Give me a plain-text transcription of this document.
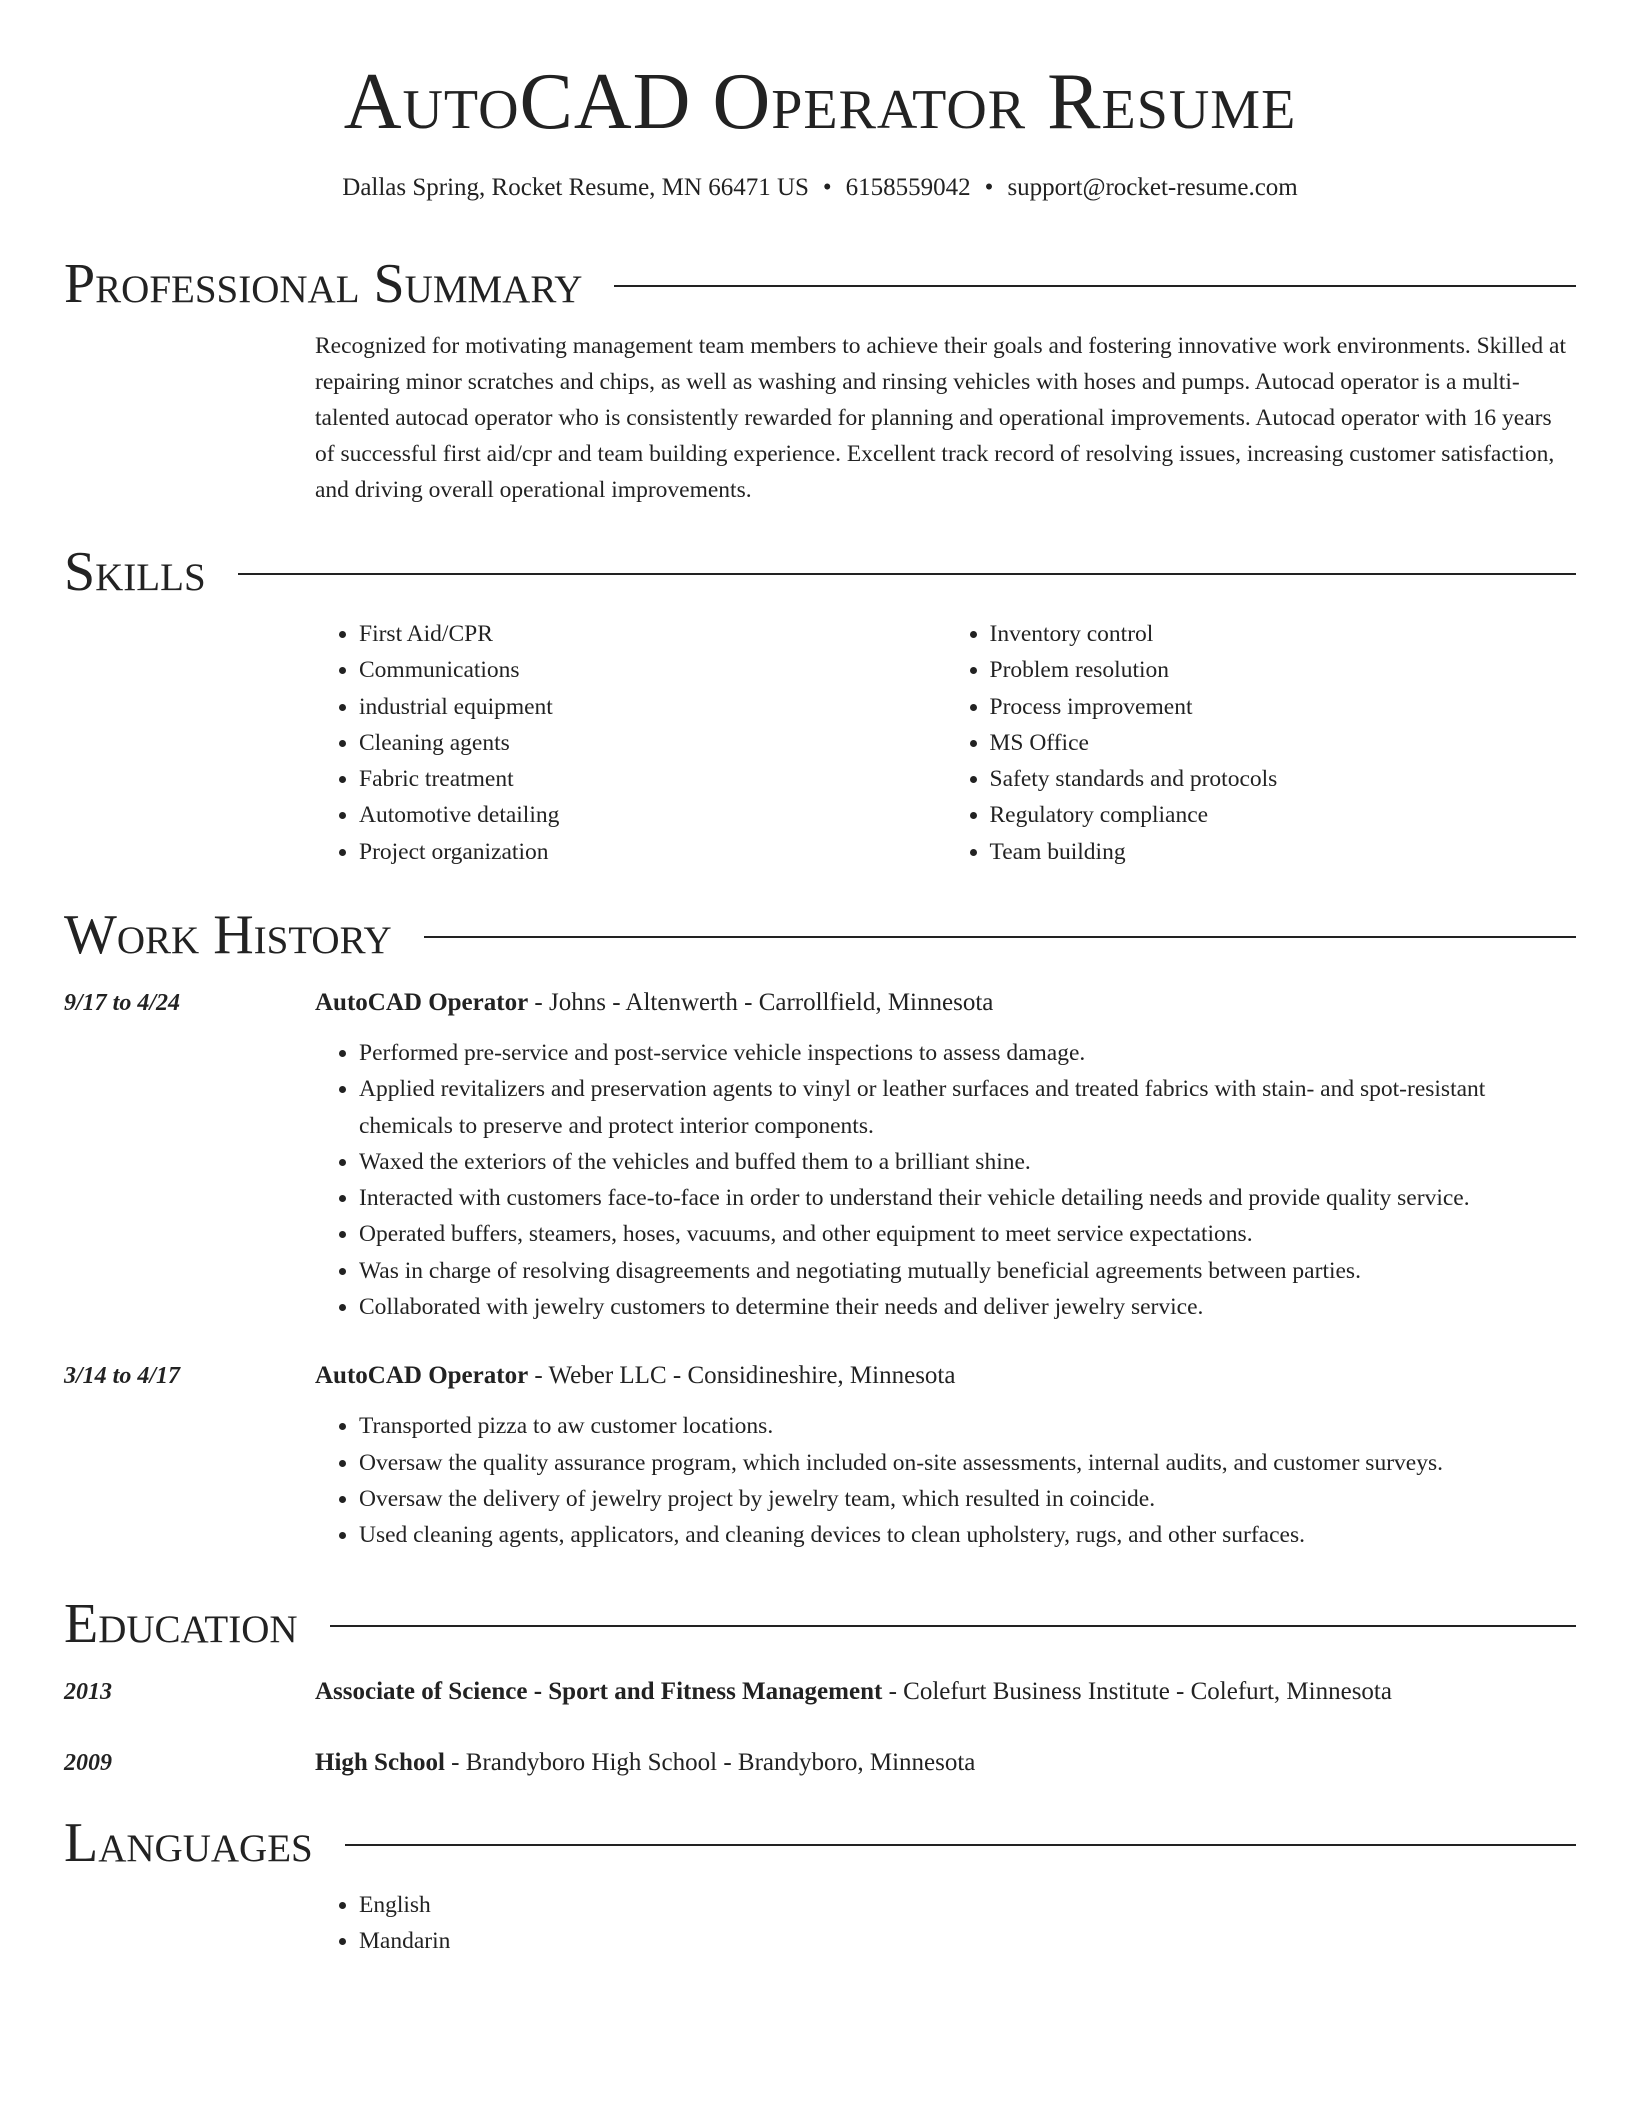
AutoCAD Operator Resume
Dallas Spring, Rocket Resume, MN 66471 US • 6158559042 • support@rocket-resume.com
Professional Summary
Recognized for motivating management team members to achieve their goals and fostering innovative work environments. Skilled at repairing minor scratches and chips, as well as washing and rinsing vehicles with hoses and pumps. Autocad operator is a multi-talented autocad operator who is consistently rewarded for planning and operational improvements. Autocad operator with 16 years of successful first aid/cpr and team building experience. Excellent track record of resolving issues, increasing customer satisfaction, and driving overall operational improvements.
Skills
• First Aid/CPR
• Communications
• industrial equipment
• Cleaning agents
• Fabric treatment
• Automotive detailing
• Project organization
• Inventory control
• Problem resolution
• Process improvement
• MS Office
• Safety standards and protocols
• Regulatory compliance
• Team building
Work History
9/17 to 4/24	AutoCAD Operator - Johns - Altenwerth - Carrollfield, Minnesota
• Performed pre-service and post-service vehicle inspections to assess damage.
• Applied revitalizers and preservation agents to vinyl or leather surfaces and treated fabrics with stain- and spot-resistant chemicals to preserve and protect interior components.
• Waxed the exteriors of the vehicles and buffed them to a brilliant shine.
• Interacted with customers face-to-face in order to understand their vehicle detailing needs and provide quality service.
• Operated buffers, steamers, hoses, vacuums, and other equipment to meet service expectations.
• Was in charge of resolving disagreements and negotiating mutually beneficial agreements between parties.
• Collaborated with jewelry customers to determine their needs and deliver jewelry service.
3/14 to 4/17	AutoCAD Operator - Weber LLC - Considineshire, Minnesota
• Transported pizza to aw customer locations.
• Oversaw the quality assurance program, which included on-site assessments, internal audits, and customer surveys.
• Oversaw the delivery of jewelry project by jewelry team, which resulted in coincide.
• Used cleaning agents, applicators, and cleaning devices to clean upholstery, rugs, and other surfaces.
Education
2013	Associate of Science - Sport and Fitness Management - Colefurt Business Institute - Colefurt, Minnesota
2009	High School - Brandyboro High School - Brandyboro, Minnesota
Languages
• English
• Mandarin
